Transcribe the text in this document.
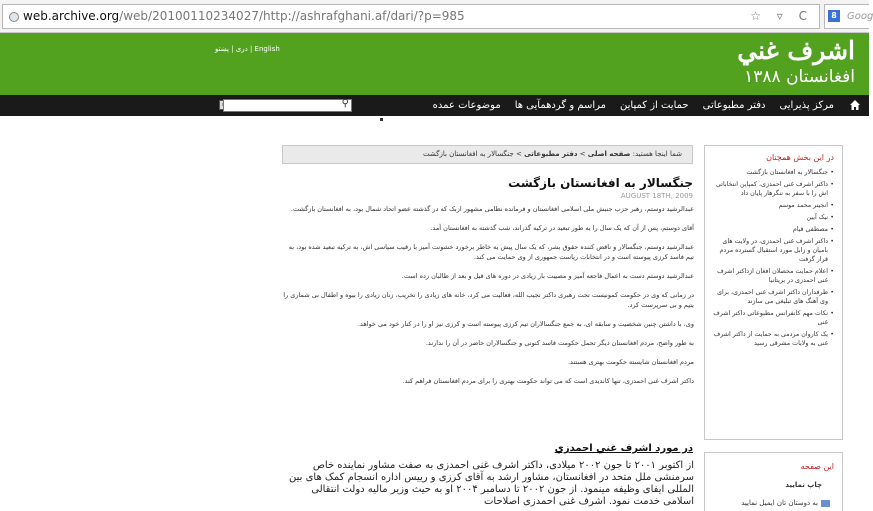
web.archive.org/web/20100110234027/http://ashrafghani.af/dari/?p=985	☆ ▿ C	8	Goog
دری | پښتو | English	اشرف غني
افغانستان ۱۳۸۸
⚲	مرکز پذیرایی
دفتر مطبوعاتی
حمایت از کمپاین
مراسم و گردهمآیی ها
موضوعات عمده
شما اینجا هستید: صفحه اصلی > دفتر مطبوعاتی > جنگسالار به افغانستان بازگشت
جنگسالار به افغانستان بازگشت
AUGUST 18TH, 2009

عبدالرشید دوستم، رهبر حزب جنبش ملی اسلامی افغانستان و فرمانده نظامی مشهور ازبک که در گذشته عضو اتحاد شمال بود، به افغانستان بازگشت.

آقای دوستم، پس از آن که یک سال را به طور تبعید در ترکیه گذراند، شب گذشته به افغانستان آمد.

عبدالرشید دوستم، جنگسالار و ناقض کننده حقوق بشر، که یک سال پیش به خاطر برخورد خشونت آمیز با رقیب سیاسی اش، به ترکیه تبعید شده بود، به تیم فاسد کرزی پیوسته است و در انتخابات ریاست جمهوری از وی حمایت می کند.

عبدالرشید دوستم دست به اعمال فاجعه آمیز و مصیبت بار زیادی در دوره های قبل و بعد از طالبان زده است.

در زمانی که وی در حکومت کمونیست تحت رهبری داکتر نجیب الله، فعالیت می کرد، خانه های زیادی را تخریب، زنان زیادی را بیوه و اطفال بی شماری را یتیم و بی سرپرست کرد.

وی، با داشتن چنین شخصیت و سابقه ای، به جمع جنگسالاران تیم کرزی پیوسته است و کرزی نیز او را در کنار خود می خواهد.

به طور واضح، مردم افغانستان دیگر تحمل حکومت فاسد کنونی و جنگسالاران حاضر در آن را ندارند.

مردم افغانستان شایسته حکومت بهتری هستند.

داکتر اشرف غنی احمدزی، تنها کاندیدی است که می تواند حکومت بهتری را برای مردم افغانستان فراهم کند.

در مورد اشرف غني احمدزي
از اکتوبر ۲۰۰۱ تا جون ۲۰۰۲ میلادی، داکتر اشرف غنی احمدزی به صفت مشاور نماینده خاص سرمنشی ملل متحد در افغانستان، مشاور ارشد به آقای کرزی و رییس اداره انسجام کمک های بین المللی ایفای وظیفه مینمود. از جون ۲۰۰۲ تا دسامبر ۲۰۰۴ او به حیث وزیر مالیه دولت انتقالی اسلامی خدمت نمود. اشرف غنی احمدزی اصلاحات
در این بخش همچنان
• جنگسالار به افغانستان بازگشت
• داکتر اشرف غنی احمدزی، کمپاین انتخاباتی اش را با سفر به ننگرهار پایان داد
• انجینر محمد موسم
• نیک آیین
• مصطفی قیام
• داکتر اشرف غنی احمدزی، در ولایت های بامیان و زابل مورد استقبال گسترده مردم قرار گرفت
• اعلام حمایت محصلان افغان ازداکتر اشرف غنی احمدزی در بریتانیا
• طرفداران داکتر اشرف غنی احمدزی، برای وی آهنگ های تبلیغی می سازند
• نکات مهم کانفرانس مطبوعاتی داکتر اشرف غنی
• یک کاروان مردمی به حمایت از داکتر اشرف غنی به ولایات مشرقی رسید
این صفحه
چاپ نمایید
به دوستان تان ایمیل نمایید
